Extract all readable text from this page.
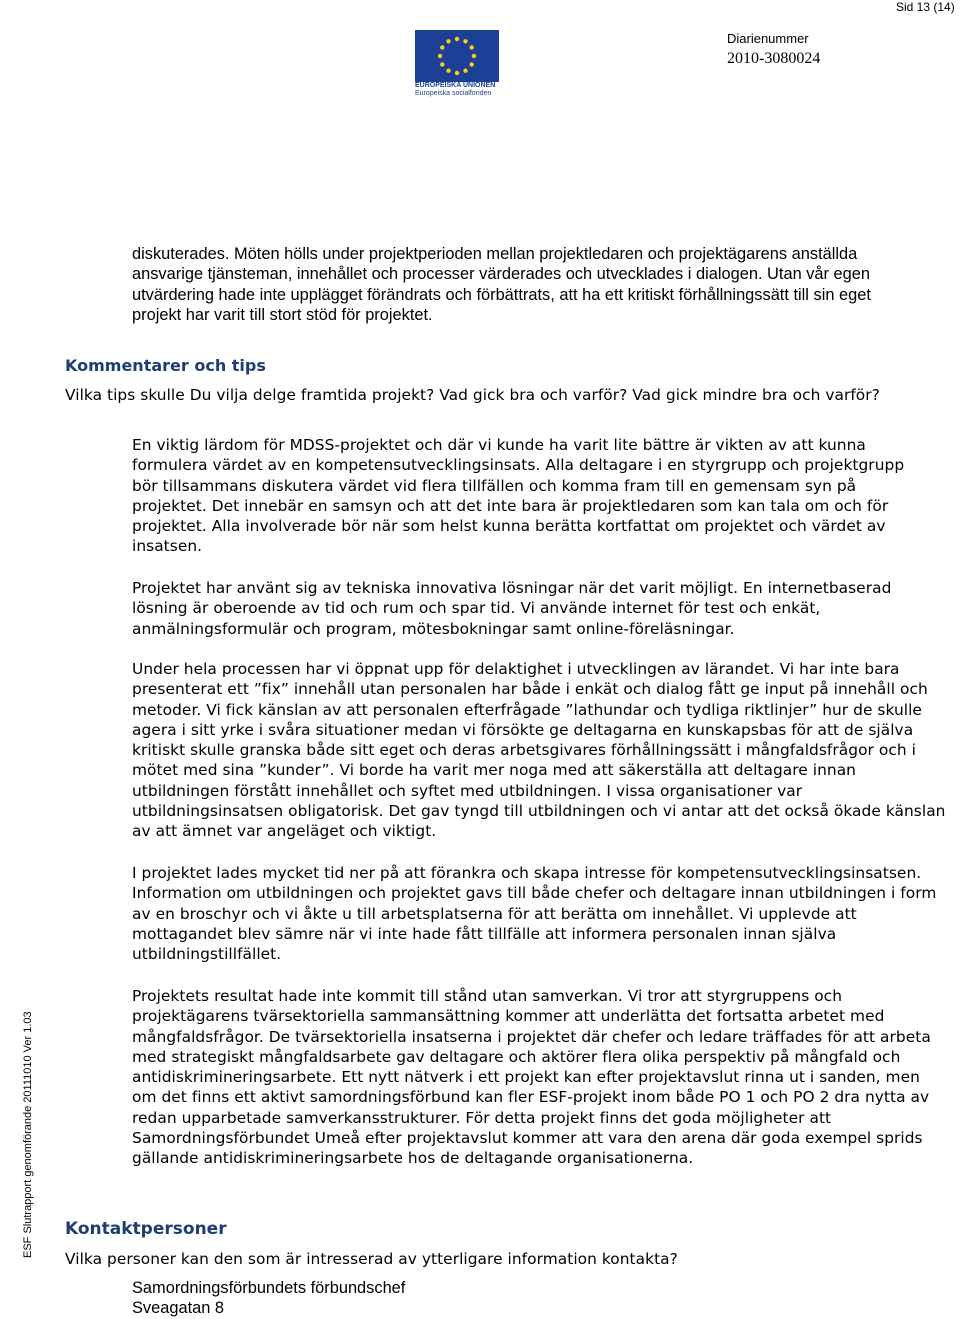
Sid 13 (14)
EUROPEISKA UNIONEN
Europeiska socialfonden
Diarienummer
2010-3080024
ESF Slutrapport genomförande 20111010 Ver 1.03

diskuterades. Möten hölls under projektperioden mellan projektledaren och projektägarens anställda ansvarige tjänsteman, innehållet och processer värderades och utvecklades i dialogen. Utan vår egen utvärdering hade inte upplägget förändrats och förbättrats, att ha ett kritiskt förhållningssätt till sin eget projekt har varit till stort stöd för projektet.

Kommentarer och tips

Vilka tips skulle Du vilja delge framtida projekt? Vad gick bra och varför? Vad gick mindre bra och varför?

En viktig lärdom för MDSS-projektet och där vi kunde ha varit lite bättre är vikten av att kunna formulera värdet av en kompetensutvecklingsinsats. Alla deltagare i en styrgrupp och projektgrupp bör tillsammans diskutera värdet vid flera tillfällen och komma fram till en gemensam syn på projektet. Det innebär en samsyn och att det inte bara är projektledaren som kan tala om och för projektet. Alla involverade bör när som helst kunna berätta kortfattat om projektet och värdet av insatsen.

Projektet har använt sig av tekniska innovativa lösningar när det varit möjligt. En internetbaserad lösning är oberoende av tid och rum och spar tid. Vi använde internet för test och enkät, anmälningsformulär och program, mötesbokningar samt online-föreläsningar.

Under hela processen har vi öppnat upp för delaktighet i utvecklingen av lärandet. Vi har inte bara presenterat ett ”fix” innehåll utan personalen har både i enkät och dialog fått ge input på innehåll och metoder. Vi fick känslan av att personalen efterfrågade ”lathundar och tydliga riktlinjer” hur de skulle agera i sitt yrke i svåra situationer medan vi försökte ge deltagarna en kunskapsbas för att de själva kritiskt skulle granska både sitt eget och deras arbetsgivares förhållningssätt i mångfaldsfrågor och i mötet med sina ”kunder”. Vi borde ha varit mer noga med att säkerställa att deltagare innan utbildningen förstått innehållet och syftet med utbildningen. I vissa organisationer var utbildningsinsatsen obligatorisk. Det gav tyngd till utbildningen och vi antar att det också ökade känslan av att ämnet var angeläget och viktigt.

I projektet lades mycket tid ner på att förankra och skapa intresse för kompetensutvecklingsinsatsen. Information om utbildningen och projektet gavs till både chefer och deltagare innan utbildningen i form av en broschyr och vi åkte u till arbetsplatserna för att berätta om innehållet. Vi upplevde att mottagandet blev sämre när vi inte hade fått tillfälle att informera personalen innan själva utbildningstillfället.

Projektets resultat hade inte kommit till stånd utan samverkan. Vi tror att styrgruppens och projektägarens tvärsektoriella sammansättning kommer att underlätta det fortsatta arbetet med mångfaldsfrågor. De tvärsektoriella insatserna i projektet där chefer och ledare träffades för att arbeta med strategiskt mångfaldsarbete gav deltagare och aktörer flera olika perspektiv på mångfald och antidiskrimineringsarbete. Ett nytt nätverk i ett projekt kan efter projektavslut rinna ut i sanden, men om det finns ett aktivt samordningsförbund kan fler ESF-projekt inom både PO 1 och PO 2 dra nytta av redan upparbetade samverkansstrukturer. För detta projekt finns det goda möjligheter att Samordningsförbundet Umeå efter projektavslut kommer att vara den arena där goda exempel sprids gällande antidiskrimineringsarbete hos de deltagande organisationerna.

Kontaktpersoner

Vilka personer kan den som är intresserad av ytterligare information kontakta?

Samordningsförbundets förbundschef
Sveagatan 8
